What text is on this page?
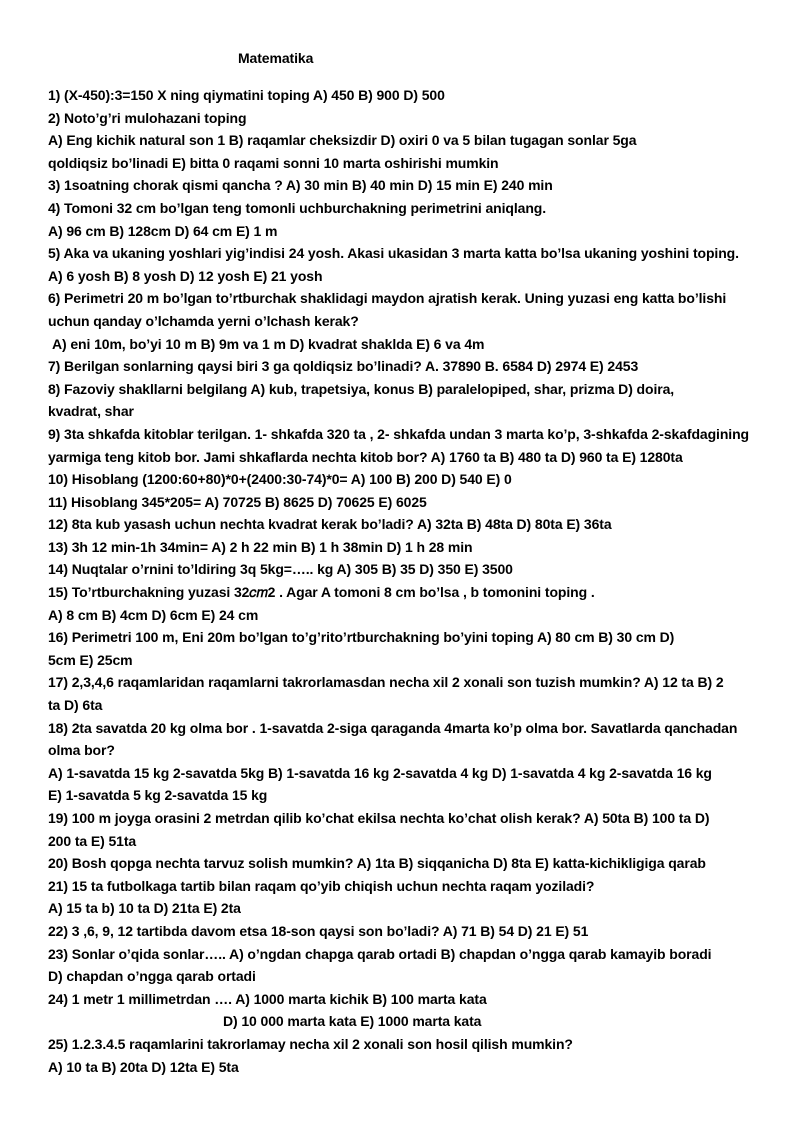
Matematika
1) (X-450):3=150 X ning qiymatini toping A) 450 B) 900 D) 500
2) Noto’g’ri mulohazani toping
A) Eng kichik natural son 1 B) raqamlar cheksizdir D) oxiri 0 va 5 bilan tugagan sonlar 5ga
qoldiqsiz bo’linadi E) bitta 0 raqami sonni 10 marta oshirishi mumkin
3) 1soatning chorak qismi qancha ? A) 30 min B) 40 min D) 15 min E) 240 min
4) Tomoni 32 cm bo’lgan teng tomonli uchburchakning perimetrini aniqlang.
A) 96 cm B) 128cm D) 64 cm E) 1 m
5) Aka va ukaning yoshlari yig’indisi 24 yosh. Akasi ukasidan 3 marta katta bo’lsa ukaning yoshini toping.
A) 6 yosh B) 8 yosh D) 12 yosh E) 21 yosh
6) Perimetri 20 m bo’lgan to’rtburchak shaklidagi maydon ajratish kerak. Uning yuzasi eng katta bo’lishi
uchun qanday o’lchamda yerni o’lchash kerak?
A) eni 10m, bo’yi 10 m B) 9m va 1 m D) kvadrat shaklda E) 6 va 4m
7) Berilgan sonlarning qaysi biri 3 ga qoldiqsiz bo’linadi? A. 37890 B. 6584 D) 2974 E) 2453
8) Fazoviy shakllarni belgilang A) kub, trapetsiya, konus B) paralelopiped, shar, prizma D) doira,
kvadrat, shar
9) 3ta shkafda kitoblar terilgan. 1- shkafda 320 ta , 2- shkafda undan 3 marta ko’p, 3-shkafda 2-skafdagining
yarmiga teng kitob bor. Jami shkaflarda nechta kitob bor? A) 1760 ta B) 480 ta D) 960 ta E) 1280ta
10) Hisoblang (1200:60+80)*0+(2400:30-74)*0= A) 100 B) 200 D) 540 E) 0
11) Hisoblang 345*205= A) 70725 B) 8625 D) 70625 E) 6025
12) 8ta kub yasash uchun nechta kvadrat kerak bo’ladi? A) 32ta B) 48ta D) 80ta E) 36ta
13) 3h 12 min-1h 34min= A) 2 h 22 min B) 1 h 38min D) 1 h 28 min
14) Nuqtalar o’rnini to’ldiring 3q 5kg=….. kg A) 305 B) 35 D) 350 E) 3500
15) To’rtburchakning yuzasi 32𝑐𝑚2 . Agar A tomoni 8 cm bo’lsa , b tomonini toping .
A) 8 cm B) 4cm D) 6cm E) 24 cm
16) Perimetri 100 m, Eni 20m bo’lgan to’g’rito’rtburchakning bo’yini toping A) 80 cm B) 30 cm D)
5cm E) 25cm
17) 2,3,4,6 raqamlaridan raqamlarni takrorlamasdan necha xil 2 xonali son tuzish mumkin? A) 12 ta B) 2
ta D) 6ta
18) 2ta savatda 20 kg olma bor . 1-savatda 2-siga qaraganda 4marta ko’p olma bor. Savatlarda qanchadan
olma bor?
A) 1-savatda 15 kg 2-savatda 5kg B) 1-savatda 16 kg 2-savatda 4 kg D) 1-savatda 4 kg 2-savatda 16 kg
E) 1-savatda 5 kg 2-savatda 15 kg
19) 100 m joyga orasini 2 metrdan qilib ko’chat ekilsa nechta ko’chat olish kerak? A) 50ta B) 100 ta D)
200 ta E) 51ta
20) Bosh qopga nechta tarvuz solish mumkin? A) 1ta B) siqqanicha D) 8ta E) katta-kichikligiga qarab
21) 15 ta futbolkaga tartib bilan raqam qo’yib chiqish uchun nechta raqam yoziladi?
A) 15 ta b) 10 ta D) 21ta E) 2ta
22) 3 ,6, 9, 12 tartibda davom etsa 18-son qaysi son bo’ladi? A) 71 B) 54 D) 21 E) 51
23) Sonlar o’qida sonlar….. A) o’ngdan chapga qarab ortadi B) chapdan o’ngga qarab kamayib boradi
D) chapdan o’ngga qarab ortadi
24) 1 metr 1 millimetrdan …. A) 1000 marta kichik B) 100 marta kata
D) 10 000 marta kata E) 1000 marta kata
25) 1.2.3.4.5 raqamlarini takrorlamay necha xil 2 xonali son hosil qilish mumkin?
A) 10 ta B) 20ta D) 12ta E) 5ta
